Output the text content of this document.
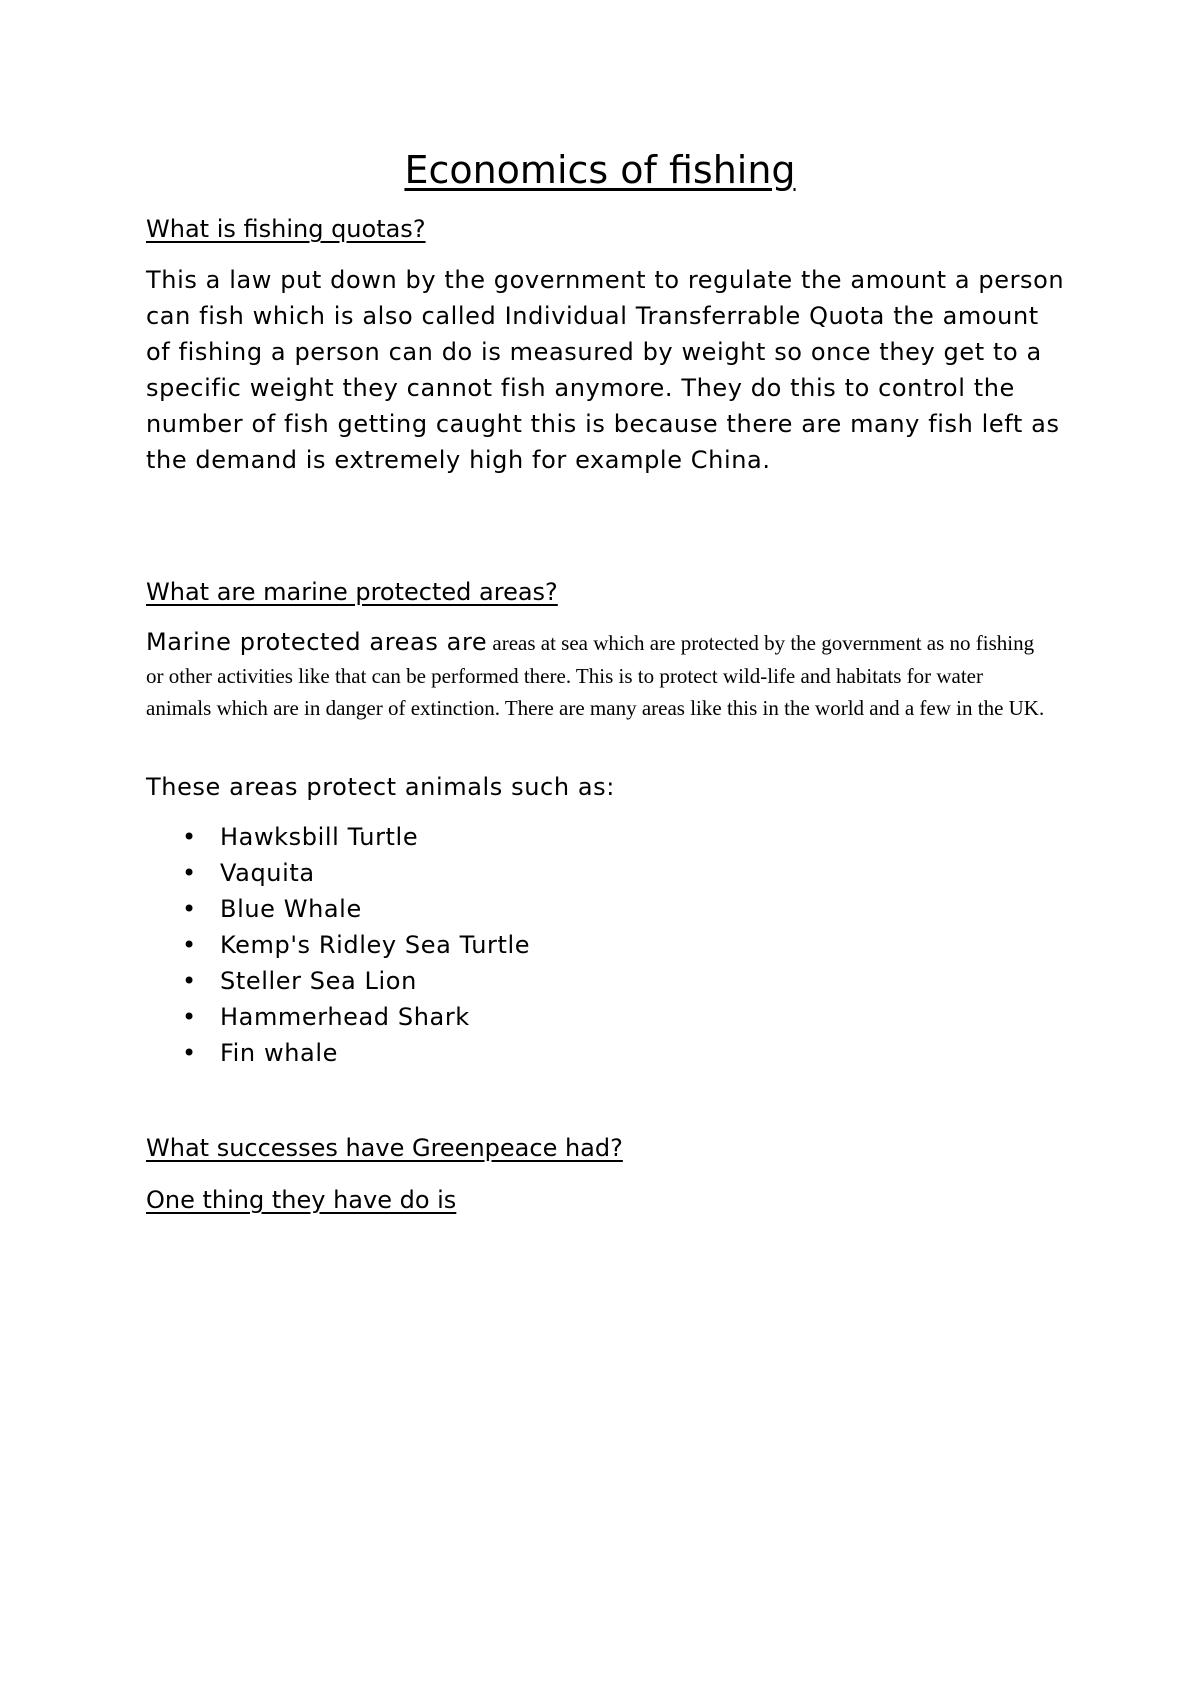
Economics of fishing
What is fishing quotas?

This a law put down by the government to regulate the amount a person can fish which is also called Individual Transferrable Quota the amount of fishing a person can do is measured by weight so once they get to a specific weight they cannot fish anymore. They do this to control the number of fish getting caught this is because there are many fish left as the demand is extremely high for example China.

What are marine protected areas?

Marine protected areas are areas at sea which are protected by the government as no fishing or other activities like that can be performed there. This is to protect wild-life and habitats for water animals which are in danger of extinction. There are many areas like this in the world and a few in the UK.

These areas protect animals such as:

• Hawksbill Turtle
• Vaquita
• Blue Whale
• Kemp's Ridley Sea Turtle
• Steller Sea Lion
• Hammerhead Shark
• Fin whale
What successes have Greenpeace had?
One thing they have do is
